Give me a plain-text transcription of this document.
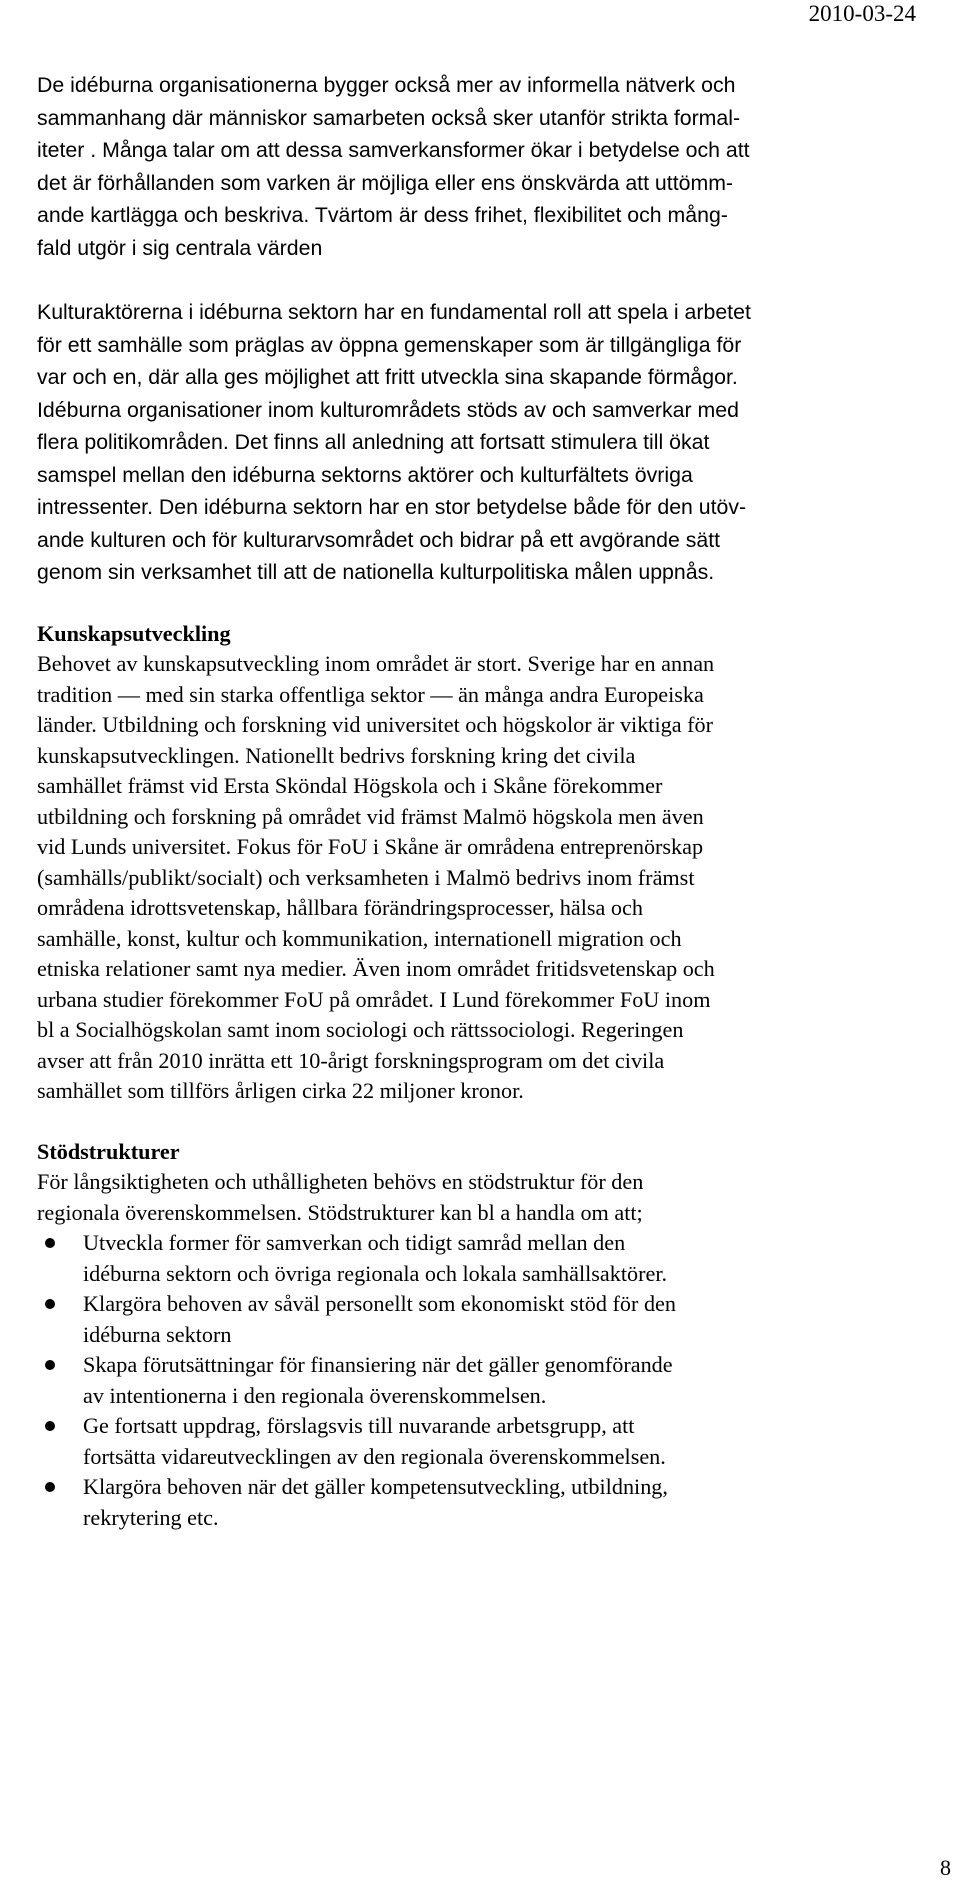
2010-03-24

De idéburna organisationerna bygger också mer av informella nätverk och
sammanhang där människor samarbeten också sker utanför strikta formal-
iteter . Många talar om att dessa samverkansformer ökar i betydelse och att
det är förhållanden som varken är möjliga eller ens önskvärda att uttömm-
ande kartlägga och beskriva. Tvärtom är dess frihet, flexibilitet och mång-
fald utgör i sig centrala värden

Kulturaktörerna i idéburna sektorn har en fundamental roll att spela i arbetet
för ett samhälle som präglas av öppna gemenskaper som är tillgängliga för
var och en, där alla ges möjlighet att fritt utveckla sina skapande förmågor.
Idéburna organisationer inom kulturområdets stöds av och samverkar med
flera politikområden. Det finns all anledning att fortsatt stimulera till ökat
samspel mellan den idéburna sektorns aktörer och kulturfältets övriga
intressenter. Den idéburna sektorn har en stor betydelse både för den utöv-
ande kulturen och för kulturarvsområdet och bidrar på ett avgörande sätt
genom sin verksamhet till att de nationella kulturpolitiska målen uppnås.

Kunskapsutveckling

Behovet av kunskapsutveckling inom området är stort. Sverige har en annan
tradition — med sin starka offentliga sektor — än många andra Europeiska
länder. Utbildning och forskning vid universitet och högskolor är viktiga för
kunskapsutvecklingen. Nationellt bedrivs forskning kring det civila
samhället främst vid Ersta Sköndal Högskola och i Skåne förekommer
utbildning och forskning på området vid främst Malmö högskola men även
vid Lunds universitet. Fokus för FoU i Skåne är områdena entreprenörskap
(samhälls/publikt/socialt) och verksamheten i Malmö bedrivs inom främst
områdena idrottsvetenskap, hållbara förändringsprocesser, hälsa och
samhälle, konst, kultur och kommunikation, internationell migration och
etniska relationer samt nya medier. Även inom området fritidsvetenskap och
urbana studier förekommer FoU på området. I Lund förekommer FoU inom
bl a Socialhögskolan samt inom sociologi och rättssociologi. Regeringen
avser att från 2010 inrätta ett 10-årigt forskningsprogram om det civila
samhället som tillförs årligen cirka 22 miljoner kronor.

Stödstrukturer

För långsiktigheten och uthålligheten behövs en stödstruktur för den
regionala överenskommelsen. Stödstrukturer kan bl a handla om att;

Utveckla former för samverkan och tidigt samråd mellan den
idéburna sektorn och övriga regionala och lokala samhällsaktörer.
Klargöra behoven av såväl personellt som ekonomiskt stöd för den
idéburna sektorn
Skapa förutsättningar för finansiering när det gäller genomförande
av intentionerna i den regionala överenskommelsen.
Ge fortsatt uppdrag, förslagsvis till nuvarande arbetsgrupp, att
fortsätta vidareutvecklingen av den regionala överenskommelsen.
Klargöra behoven när det gäller kompetensutveckling, utbildning,
rekrytering etc.
8
